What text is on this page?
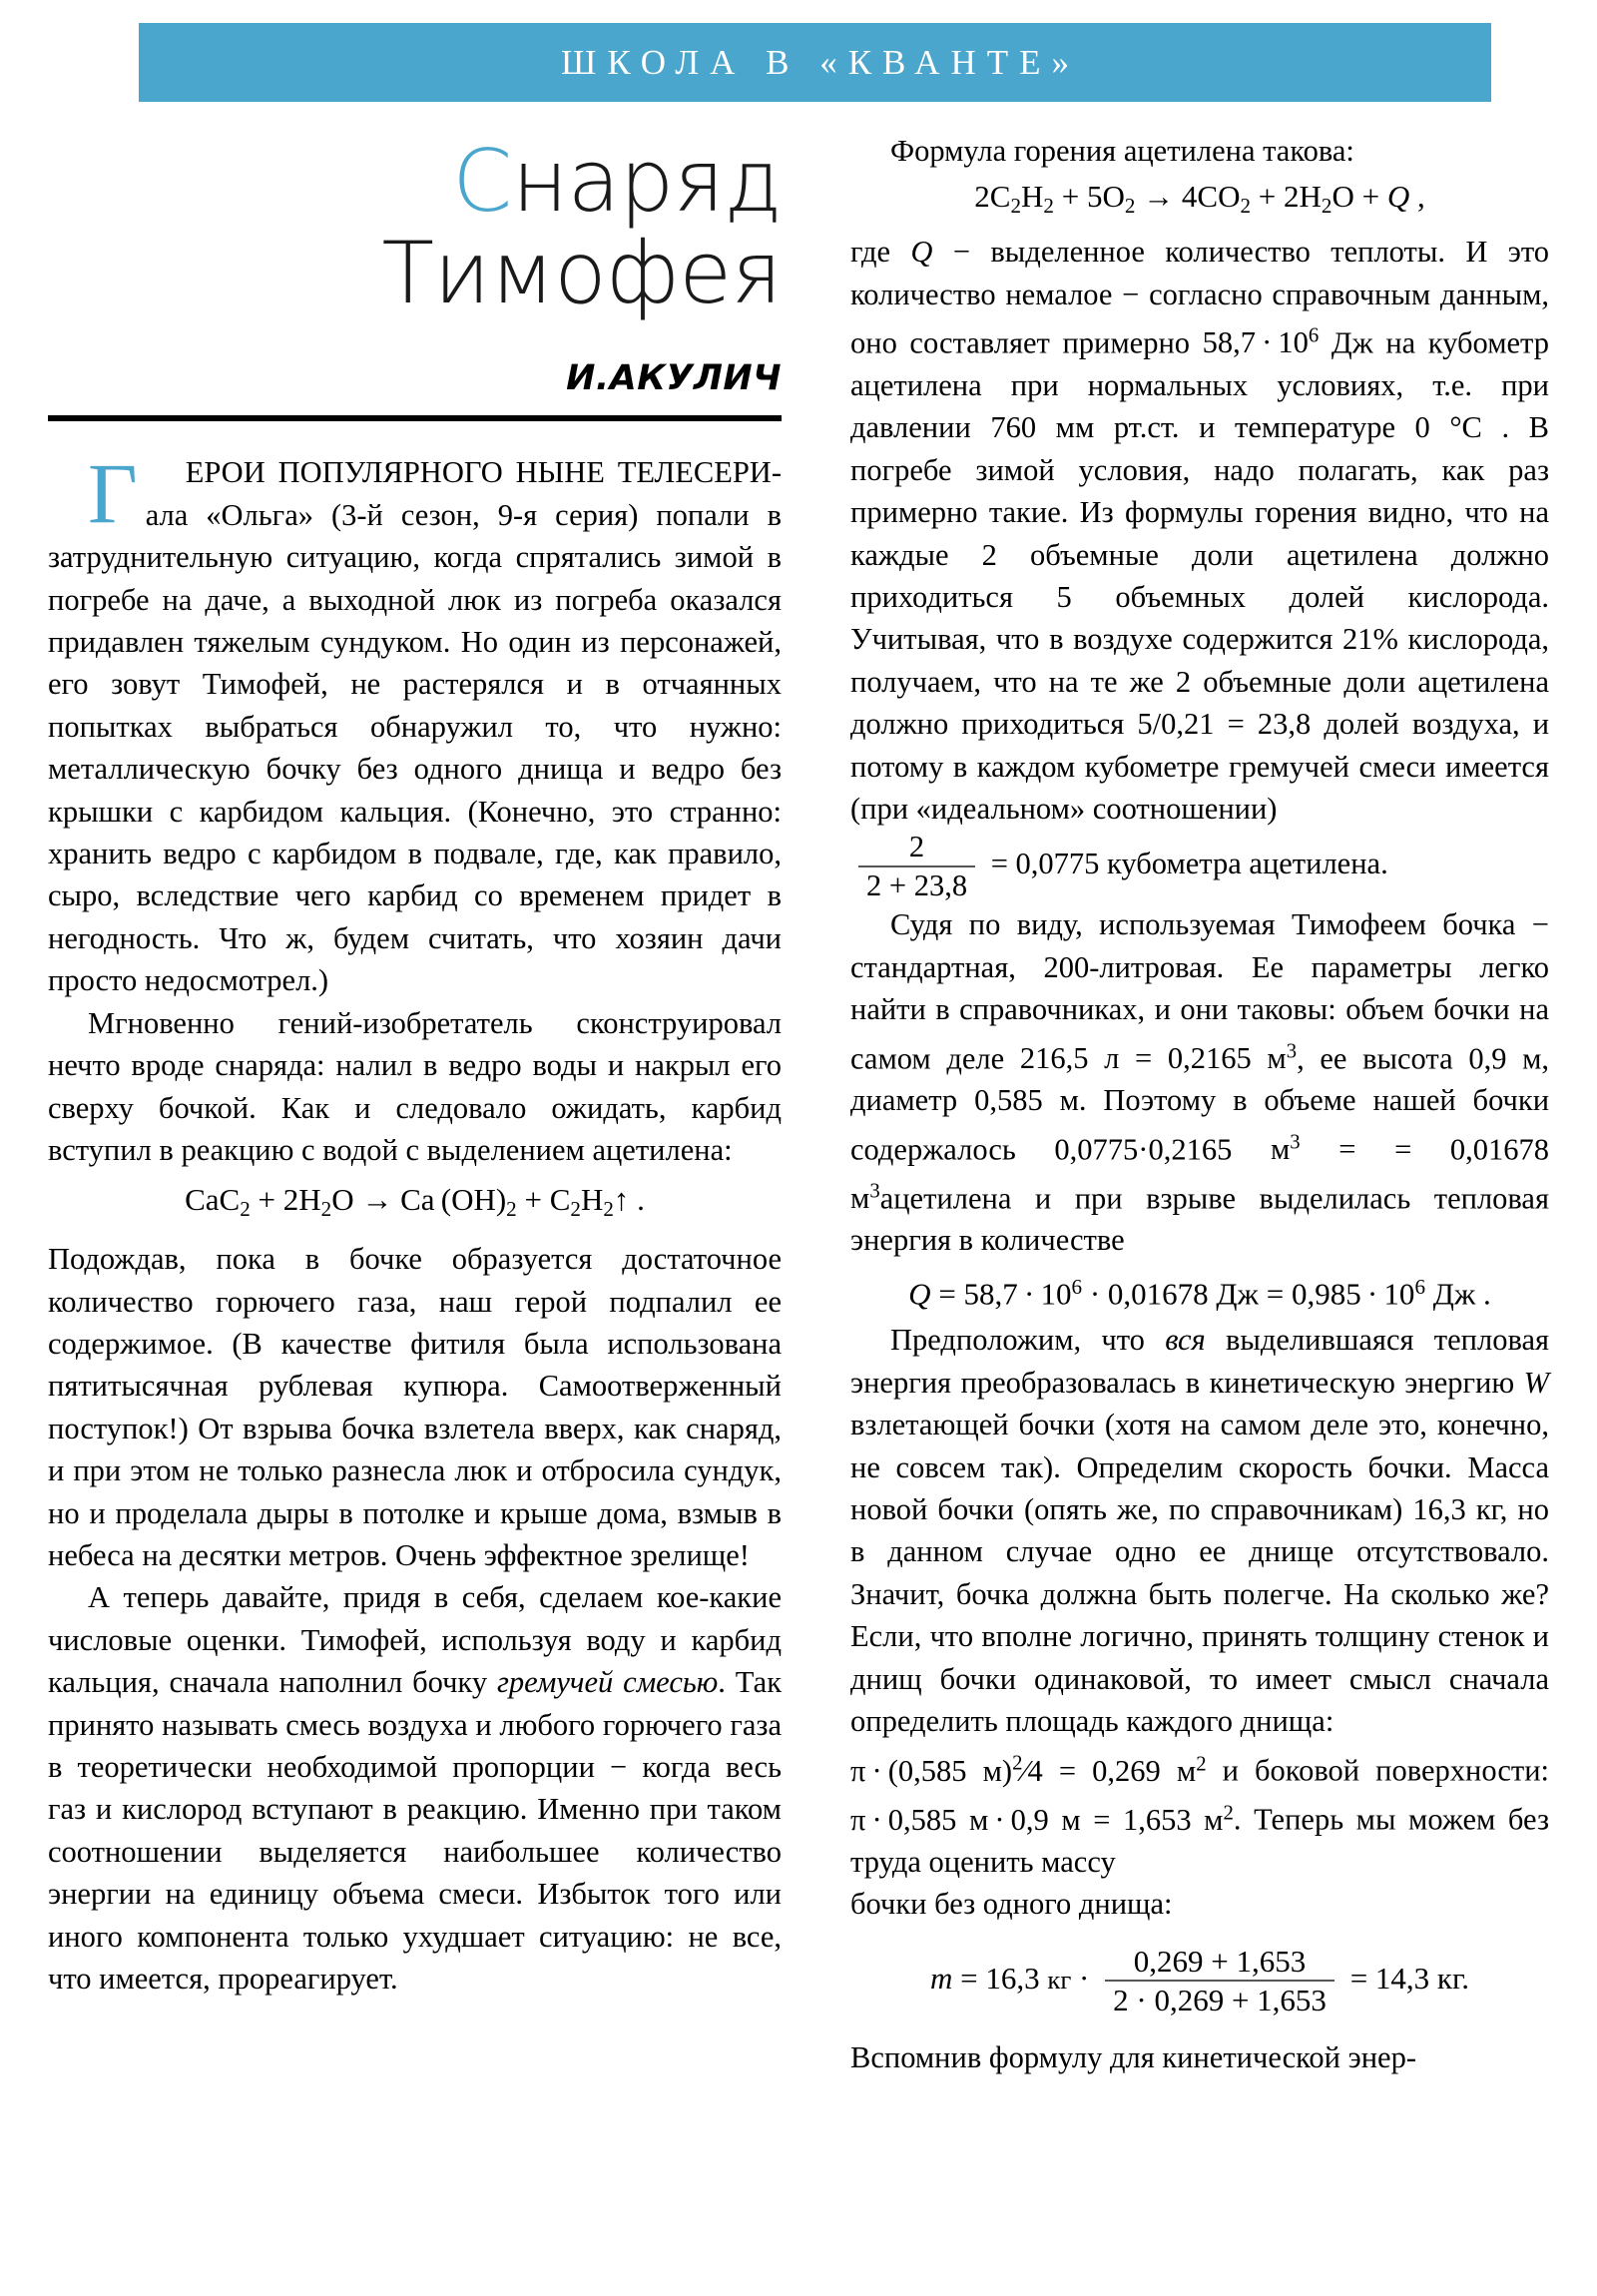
ШКОЛА В «КВАНТЕ»
Снаряд
Тимофея
И.АКУЛИЧ

Г ЕРОИ ПОПУЛЯРНОГО НЫНЕ ТЕЛЕСЕРИ-ала «Ольга» (3-й сезон, 9-я серия) попали в затруднительную ситуацию, когда спрятались зимой в погребе на даче, а выходной люк из погреба оказался придавлен тяжелым сундуком. Но один из персонажей, его зовут Тимофей, не растерялся и в отчаянных попытках выбраться обнаружил то, что нужно: металлическую бочку без одного днища и ведро без крышки с карбидом кальция. (Конечно, это странно: хранить ведро с карбидом в подвале, где, как правило, сыро, вследствие чего карбид со временем придет в негодность. Что ж, будем считать, что хозяин дачи просто недосмотрел.)

Мгновенно гений-изобретатель сконструировал нечто вроде снаряда: налил в ведро воды и накрыл его сверху бочкой. Как и следовало ожидать, карбид вступил в реакцию с водой с выделением ацетилена:

$CaC_2 + 2H_2O \to Ca$ $(OH)_2$ + $C_2H_2↑$ .

Подождав, пока в бочке образуется достаточное количество горючего газа, наш герой подпалил ее содержимое. (В качестве фитиля была использована пятитысячная рублевая купюра. Самоотверженный поступок!) От взрыва бочка взлетела вверх, как снаряд, и при этом не только разнесла люк и отбросила сундук, но и проделала дыры в потолке и крыше дома, взмыв в небеса на десятки метров. Очень эффектное зрелище!

А теперь давайте, придя в себя, сделаем кое-какие числовые оценки. Тимофей, используя воду и карбид кальция, сначала наполнил бочку гремучей смесью. Так принято называть смесь воздуха и любого горючего газа в теоретически необходимой пропорции − когда весь газ и кислород вступают в реакцию. Именно при таком соотношении выделяется наибольшее количество энергии на единицу объема смеси. Избыток того или иного компонента только ухудшает ситуацию: не все, что имеется, прореагирует.

Формула горения ацетилена такова:

$2C_2H_2 + 5O_2 \to 4CO_2 + 2H_2O + Q$ ,

где Q − выделенное количество теплоты. И это количество немалое − согласно справочным данным, оно составляет примерно $58,7 \cdot 10^6$ Дж на кубометр ацетилена при нормальных условиях, т.е. при давлении 760 мм рт.ст. и температуре 0 °C . В погребе зимой условия, надо полагать, как раз примерно такие. Из формулы горения видно, что на каждые 2 объемные доли ацетилена должно приходиться 5 объемных долей кислорода. Учитывая, что в воздухе содержится 21% кислорода, получаем, что на те же 2 объемные доли ацетилена должно приходиться 5/0,21 = 23,8 долей воздуха, и потому в каждом кубометре гремучей смеси имеется (при «идеальном» соотношении)

$\frac{2}{2 + 23,8} = 0,0775$ кубометра ацетилена.

Судя по виду, используемая Тимофеем бочка − стандартная, 200-литровая. Ее параметры легко найти в справочниках, и они таковы: объем бочки на самом деле 216,5 л = 0,2165 $м^3$, ее высота 0,9 м, диаметр 0,585 м. Поэтому в объеме нашей бочки содержалось 0,0775·0,2165 $м^3$ = = 0,01678 $м^3ацетилена$ и при взрыве выделилась тепловая энергия в количестве

$Q = 58,7 \cdot 10^6 \cdot 0,01678$ Дж = $0,985 \cdot 10^6$ Дж .

Предположим, что вся выделившаяся тепловая энергия преобразовалась в кинетическую энергию W взлетающей бочки (хотя на самом деле это, конечно, не совсем так). Определим скорость бочки. Масса новой бочки (опять же, по справочникам) 16,3 кг, но в данном случае одно ее днище отсутствовало. Значит, бочка должна быть полегче. На сколько же? Если, что вполне логично, принять толщину стенок и днищ бочки одинаковой, то имеет смысл сначала определить площадь каждого днища:

π · (0,585 м)$^2$⁄4 = 0,269 $м^2$ и боковой поверхности: π · 0,585 м · 0,9 м = 1,653 $м^2$. Теперь мы можем без труда оценить массу

бочки без одного днища:

m = 16,3 кг · $\frac{0,269 + 1,653}{2 \cdot 0,269 + 1,653} = 14,3$ кг.

Вспомнив формулу для кинетической энер-
